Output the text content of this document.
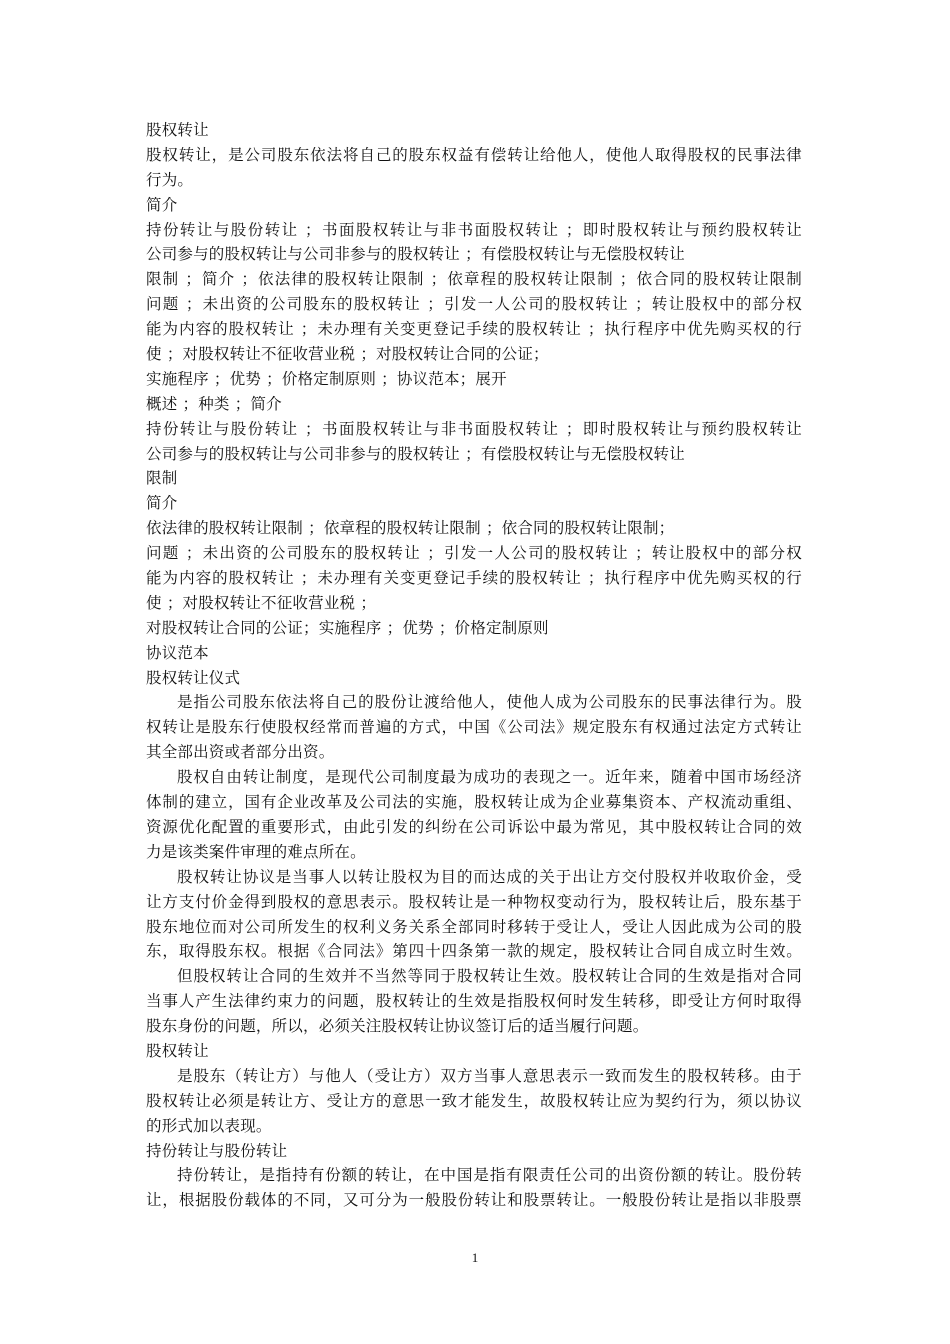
股权转让
股权转让，是公司股东依法将自己的股东权益有偿转让给他人，使他人取得股权的民事法律
行为。
简介
持份转让与股份转让 ；书面股权转让与非书面股权转让 ；即时股权转让与预约股权转让
公司参与的股权转让与公司非参与的股权转让 ；有偿股权转让与无偿股权转让
限制 ；简介 ；依法律的股权转让限制 ；依章程的股权转让限制 ；依合同的股权转让限制
问题 ；未出资的公司股东的股权转让 ；引发一人公司的股权转让 ；转让股权中的部分权
能为内容的股权转让 ；未办理有关变更登记手续的股权转让 ；执行程序中优先购买权的行
使 ；对股权转让不征收营业税 ；对股权转让合同的公证；
实施程序 ；优势 ；价格定制原则 ；协议范本；展开
概述 ；种类 ；简介
持份转让与股份转让 ；书面股权转让与非书面股权转让 ；即时股权转让与预约股权转让
公司参与的股权转让与公司非参与的股权转让 ；有偿股权转让与无偿股权转让
限制
简介
依法律的股权转让限制 ；依章程的股权转让限制 ；依合同的股权转让限制；
问题 ；未出资的公司股东的股权转让 ；引发一人公司的股权转让 ；转让股权中的部分权
能为内容的股权转让 ；未办理有关变更登记手续的股权转让 ；执行程序中优先购买权的行
使 ；对股权转让不征收营业税 ；
对股权转让合同的公证；实施程序 ；优势 ；价格定制原则
协议范本
股权转让仪式
是指公司股东依法将自己的股份让渡给他人，使他人成为公司股东的民事法律行为。股
权转让是股东行使股权经常而普遍的方式，中国《公司法》规定股东有权通过法定方式转让
其全部出资或者部分出资。
股权自由转让制度，是现代公司制度最为成功的表现之一。近年来，随着中国市场经济
体制的建立，国有企业改革及公司法的实施，股权转让成为企业募集资本、产权流动重组、
资源优化配置的重要形式，由此引发的纠纷在公司诉讼中最为常见，其中股权转让合同的效
力是该类案件审理的难点所在。
股权转让协议是当事人以转让股权为目的而达成的关于出让方交付股权并收取价金，受
让方支付价金得到股权的意思表示。股权转让是一种物权变动行为，股权转让后，股东基于
股东地位而对公司所发生的权利义务关系全部同时移转于受让人，受让人因此成为公司的股
东，取得股东权。根据《合同法》第四十四条第一款的规定，股权转让合同自成立时生效。
但股权转让合同的生效并不当然等同于股权转让生效。股权转让合同的生效是指对合同
当事人产生法律约束力的问题，股权转让的生效是指股权何时发生转移，即受让方何时取得
股东身份的问题，所以，必须关注股权转让协议签订后的适当履行问题。
股权转让
是股东（转让方）与他人（受让方）双方当事人意思表示一致而发生的股权转移。由于
股权转让必须是转让方、受让方的意思一致才能发生，故股权转让应为契约行为，须以协议
的形式加以表现。
持份转让与股份转让
持份转让，是指持有份额的转让，在中国是指有限责任公司的出资份额的转让。股份转
让，根据股份载体的不同，又可分为一般股份转让和股票转让。一般股份转让是指以非股票
1
